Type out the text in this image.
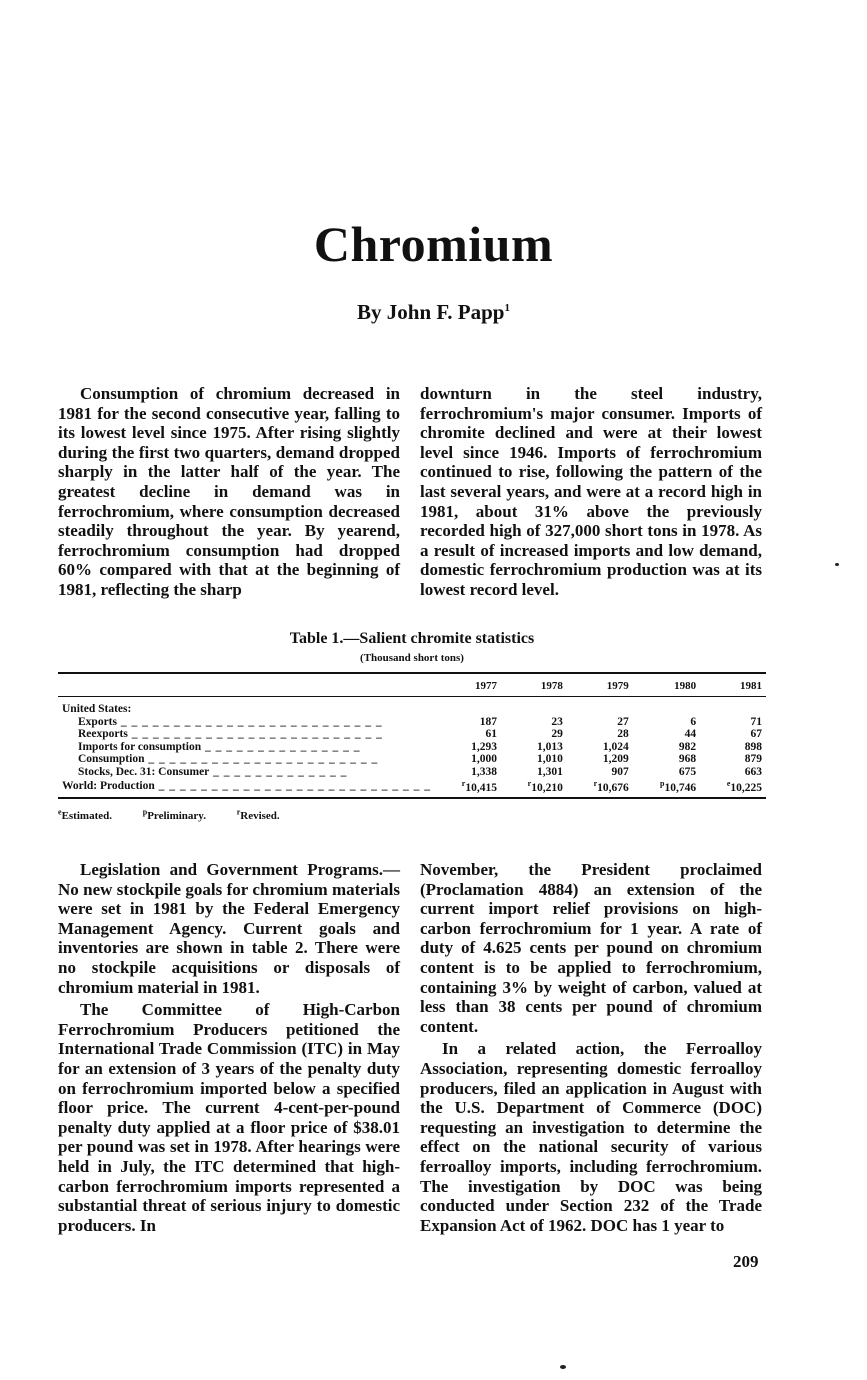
Chromium
By John F. Papp$^1$

Consumption of chromium decreased in 1981 for the second consecutive year, falling to its lowest level since 1975. After rising slightly during the first two quarters, demand dropped sharply in the latter half of the year. The greatest decline in demand was in ferrochromium, where consumption decreased steadily throughout the year. By yearend, ferrochromium consumption had dropped 60% compared with that at the beginning of 1981, reflecting the sharp

downturn in the steel industry, ferrochromium's major consumer. Imports of chromite declined and were at their lowest level since 1946. Imports of ferrochromium continued to rise, following the pattern of the last several years, and were at a record high in 1981, about 31% above the previously recorded high of 327,000 short tons in 1978. As a result of increased imports and low demand, domestic ferrochromium production was at its lowest record level.

Table 1.—Salient chromite statistics
(Thousand short tons)
	1977	1978	1979	1980	1981
United States:					
Exports _ _ _ _ _ _ _ _ _ _ _ _ _ _ _ _ _ _ _ _ _ _ _ _ _	187	23	27	6	71
Reexports _ _ _ _ _ _ _ _ _ _ _ _ _ _ _ _ _ _ _ _ _ _ _ _	61	29	28	44	67
Imports for consumption _ _ _ _ _ _ _ _ _ _ _ _ _ _ _	1,293	1,013	1,024	982	898
Consumption _ _ _ _ _ _ _ _ _ _ _ _ _ _ _ _ _ _ _ _ _ _	1,000	1,010	1,209	968	879
Stocks, Dec. 31: Consumer _ _ _ _ _ _ _ _ _ _ _ _ _	1,338	1,301	907	675	663
World: Production _ _ _ _ _ _ _ _ _ _ _ _ _ _ _ _ _ _ _ _ _ _ _ _ _ _	$^r$10,415	$^r$10,210	$^r$10,676	$^p$10,746	$^e$10,225
$^e$Estimated.	$^p$Preliminary.	$^r$Revised.

Legislation and Government Programs.—No new stockpile goals for chromium materials were set in 1981 by the Federal Emergency Management Agency. Current goals and inventories are shown in table 2. There were no stockpile acquisitions or disposals of chromium material in 1981.

The Committee of High-Carbon Ferrochromium Producers petitioned the International Trade Commission (ITC) in May for an extension of 3 years of the penalty duty on ferrochromium imported below a specified floor price. The current 4-cent-per-pound penalty duty applied at a floor price of $38.01 per pound was set in 1978. After hearings were held in July, the ITC determined that high-carbon ferrochromium imports represented a substantial threat of serious injury to domestic producers. In

November, the President proclaimed (Proclamation 4884) an extension of the current import relief provisions on high-carbon ferrochromium for 1 year. A rate of duty of 4.625 cents per pound on chromium content is to be applied to ferrochromium, containing 3% by weight of carbon, valued at less than 38 cents per pound of chromium content.

In a related action, the Ferroalloy Association, representing domestic ferroalloy producers, filed an application in August with the U.S. Department of Commerce (DOC) requesting an investigation to determine the effect on the national security of various ferroalloy imports, including ferrochromium. The investigation by DOC was being conducted under Section 232 of the Trade Expansion Act of 1962. DOC has 1 year to

209
